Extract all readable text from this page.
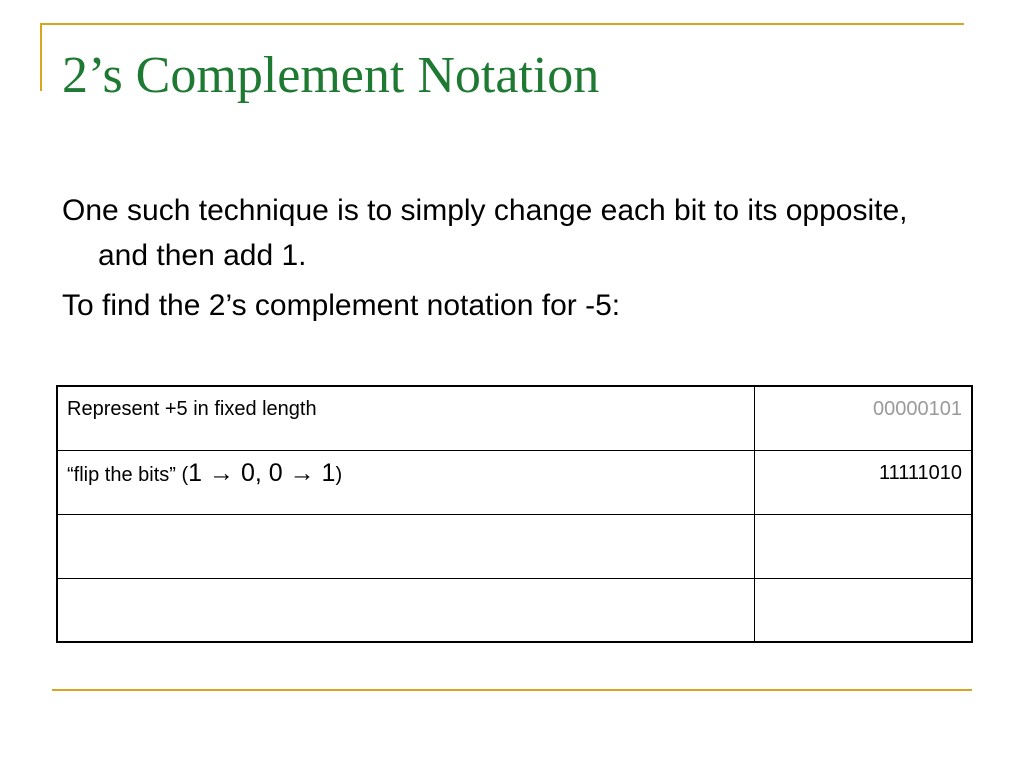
2’s Complement Notation

One such technique is to simply change each bit to its opposite, and then add 1.

To find the 2’s complement notation for -5:

Represent +5 in fixed length	00000101
“flip the bits” (1 → 0, 0 → 1)	11111010
